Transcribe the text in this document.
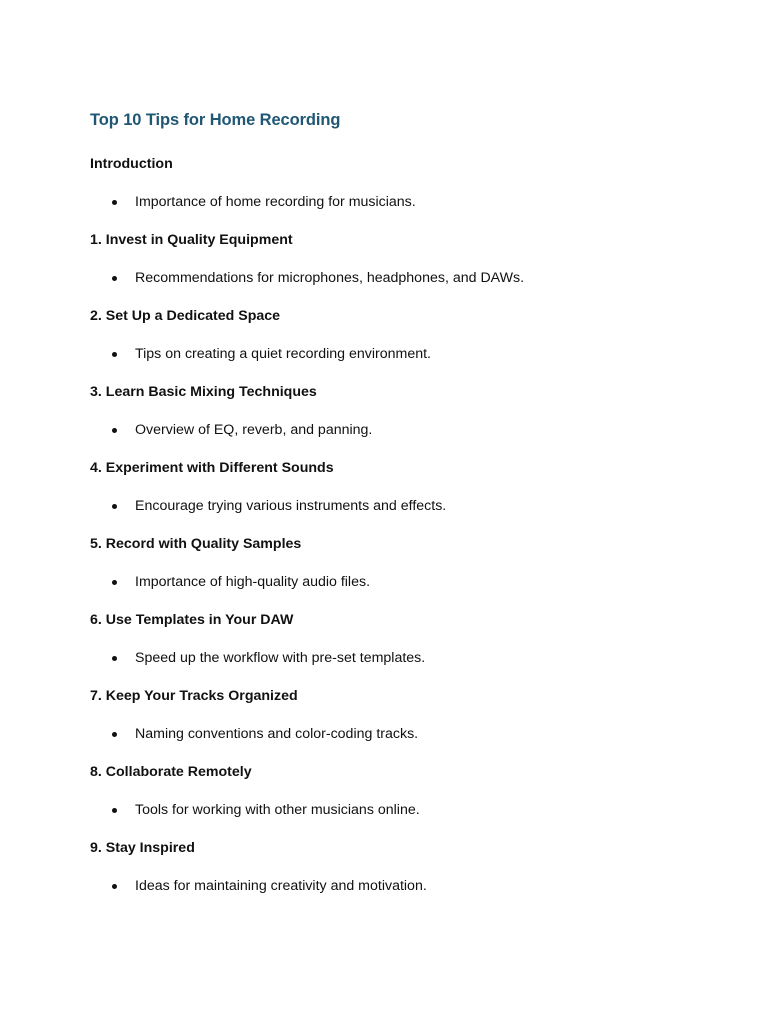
Top 10 Tips for Home Recording

Introduction

Importance of home recording for musicians.

1. Invest in Quality Equipment

Recommendations for microphones, headphones, and DAWs.

2. Set Up a Dedicated Space

Tips on creating a quiet recording environment.

3. Learn Basic Mixing Techniques

Overview of EQ, reverb, and panning.

4. Experiment with Different Sounds

Encourage trying various instruments and effects.

5. Record with Quality Samples

Importance of high-quality audio files.

6. Use Templates in Your DAW

Speed up the workflow with pre-set templates.

7. Keep Your Tracks Organized

Naming conventions and color-coding tracks.

8. Collaborate Remotely

Tools for working with other musicians online.

9. Stay Inspired

Ideas for maintaining creativity and motivation.
